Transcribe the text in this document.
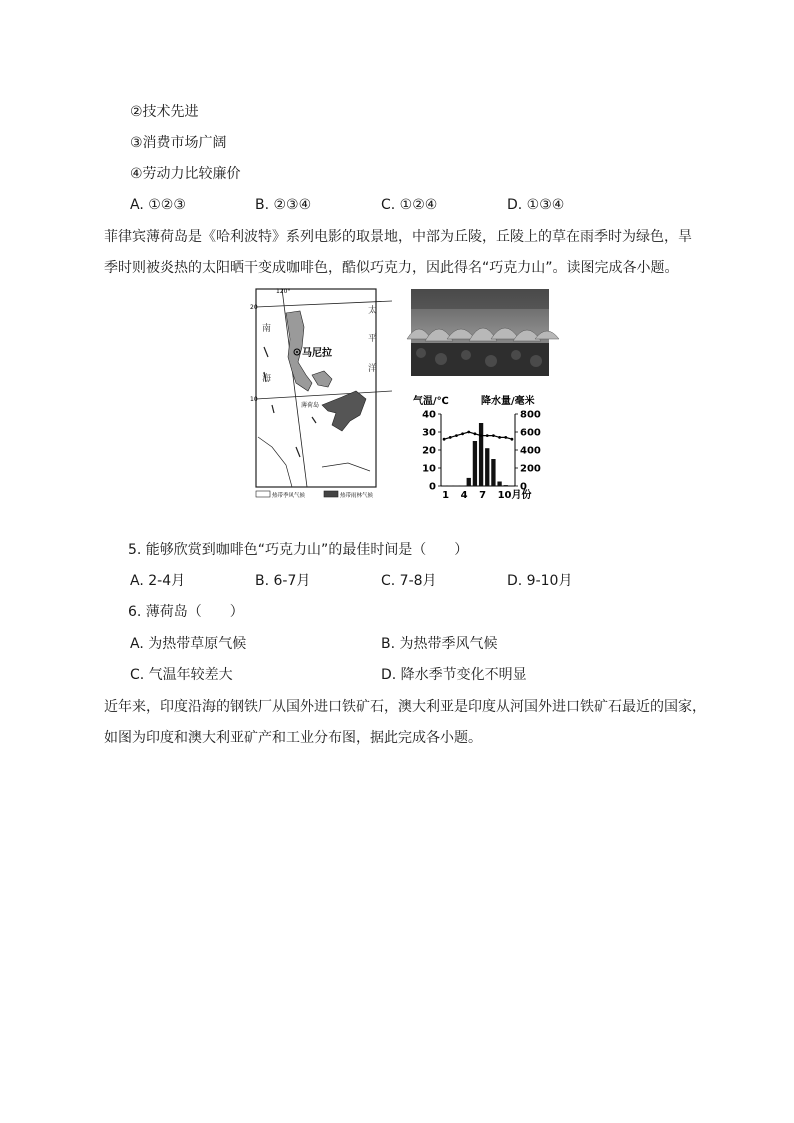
②技术先进
③消费市场广阔
④劳动力比较廉价
A. ①②③	B. ②③④	C. ①②④	D. ①③④
菲律宾薄荷岛是《哈利波特》系列电影的取景地，中部为丘陵，丘陵上的草在雨季时为绿色，旱
季时则被炎热的太阳晒干变成咖啡色，酷似巧克力，因此得名“巧克力山”。读图完成各小题。
马尼拉
薄荷岛
20
10
120°
南
海
太
平
洋
热带季风气候	热带雨林气候
气温/℃	降水量/毫米
40
30
20
10
0
800
600
400
200
0
1 4 7 10月份
5. 能够欣赏到咖啡色“巧克力山”的最佳时间是（　　）
A. 2-4月	B. 6-7月	C. 7-8月	D. 9-10月
6. 薄荷岛（　　）
A. 为热带草原气候	B. 为热带季风气候
C. 气温年较差大	D. 降水季节变化不明显
近年来，印度沿海的钢铁厂从国外进口铁矿石，澳大利亚是印度从河国外进口铁矿石最近的国家，
如图为印度和澳大利亚矿产和工业分布图，据此完成各小题。
